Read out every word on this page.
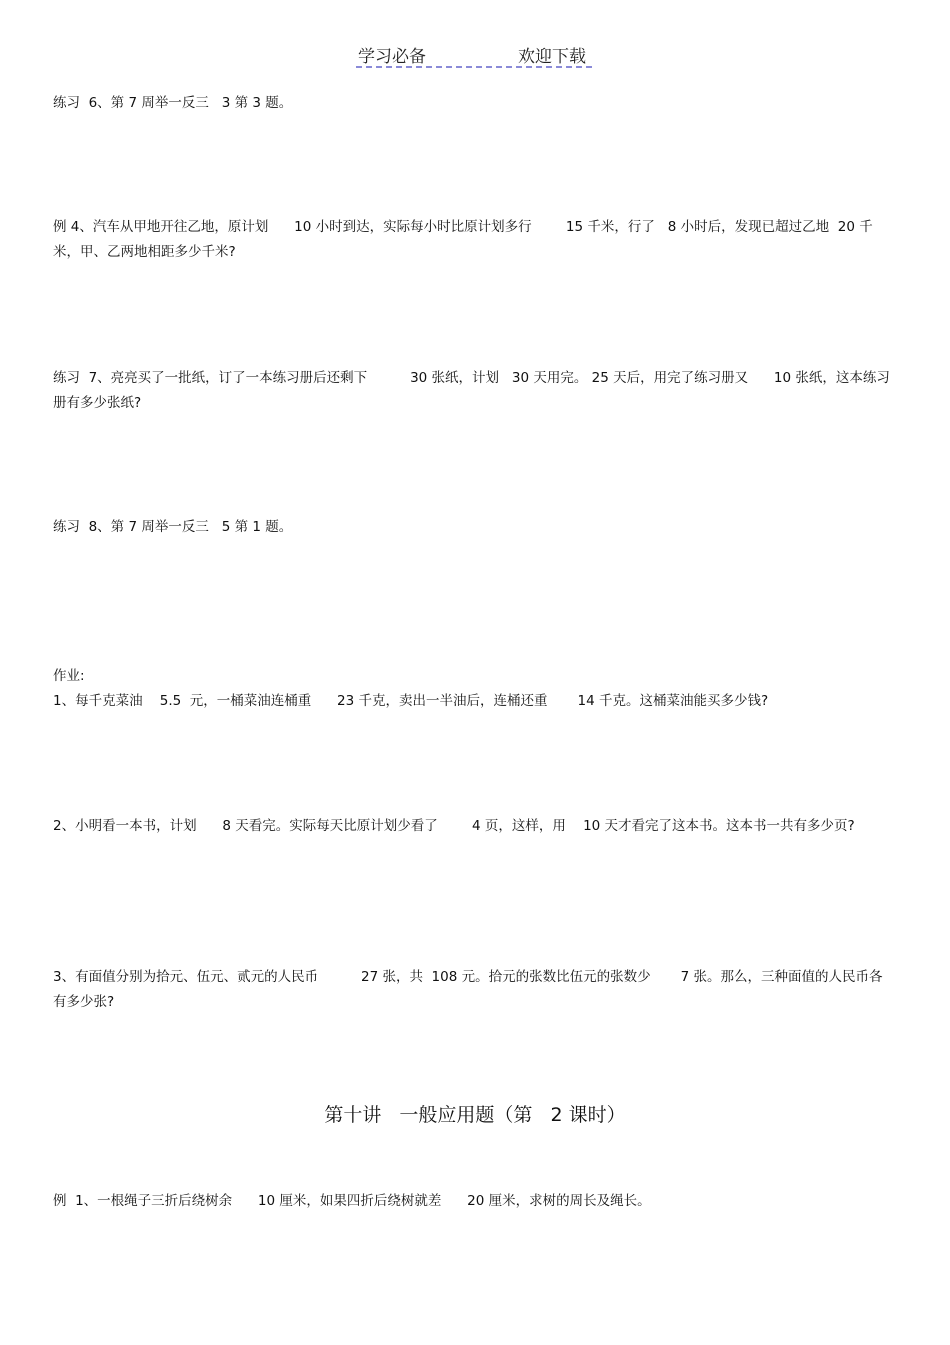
学习必备	欢迎下载

练习  6、第 7 周举一反三   3 第 3 题。

例 4、汽车从甲地开往乙地，原计划      10 小时到达，实际每小时比原计划多行        15 千米，行了   8 小时后，发现已超过乙地  20 千米，甲、乙两地相距多少千米?

练习  7、亮亮买了一批纸，订了一本练习册后还剩下          30 张纸，计划   30 天用完。 25 天后，用完了练习册又      10 张纸，这本练习册有多少张纸?

练习  8、第 7 周举一反三   5 第 1 题。

作业:

1、每千克菜油    5.5  元，一桶菜油连桶重      23 千克，卖出一半油后，连桶还重       14 千克。这桶菜油能买多少钱?

2、小明看一本书，计划      8 天看完。实际每天比原计划少看了        4 页，这样，用    10 天才看完了这本书。这本书一共有多少页?

3、有面值分别为拾元、伍元、贰元的人民币          27 张，共  108 元。拾元的张数比伍元的张数少       7 张。那么，三种面值的人民币各有多少张?

第十讲   一般应用题（第   2 课时）

例  1、一根绳子三折后绕树余      10 厘米，如果四折后绕树就差      20 厘米，求树的周长及绳长。
